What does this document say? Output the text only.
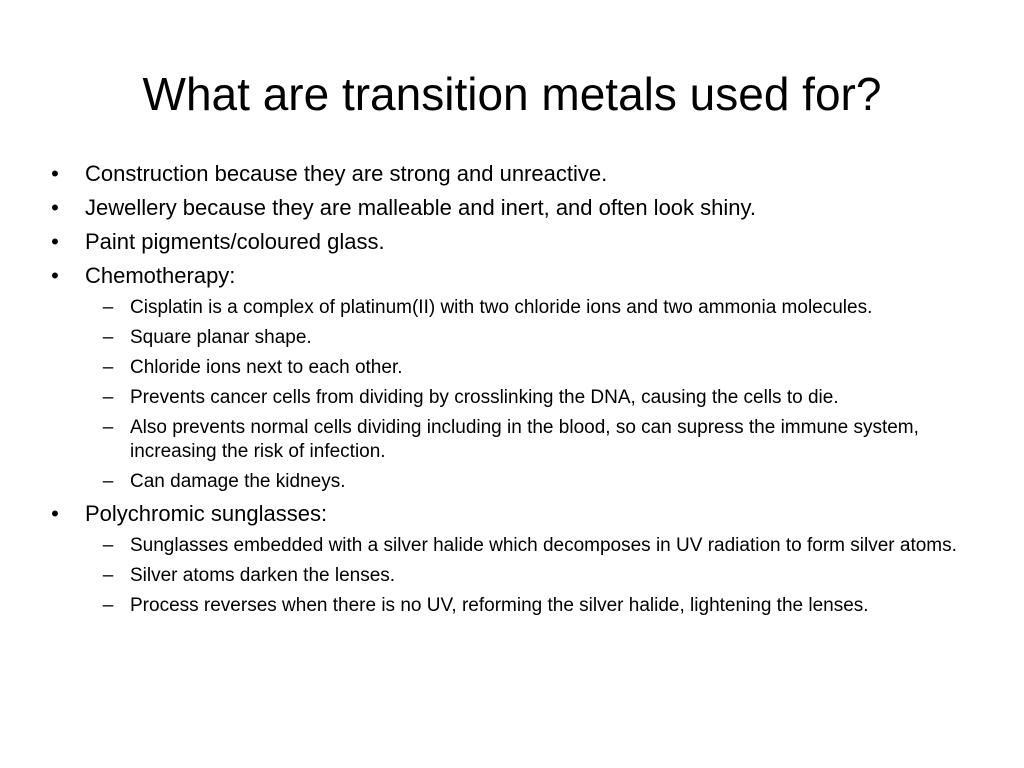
What are transition metals used for?
• Construction because they are strong and unreactive.
• Jewellery because they are malleable and inert, and often look shiny.
• Paint pigments/coloured glass.
• Chemotherapy:
– Cisplatin is a complex of platinum(II) with two chloride ions and two ammonia molecules.
– Square planar shape.
– Chloride ions next to each other.
– Prevents cancer cells from dividing by crosslinking the DNA, causing the cells to die.
– Also prevents normal cells dividing including in the blood, so can supress the immune system, increasing the risk of infection.
– Can damage the kidneys.
• Polychromic sunglasses:
– Sunglasses embedded with a silver halide which decomposes in UV radiation to form silver atoms.
– Silver atoms darken the lenses.
– Process reverses when there is no UV, reforming the silver halide, lightening the lenses.
